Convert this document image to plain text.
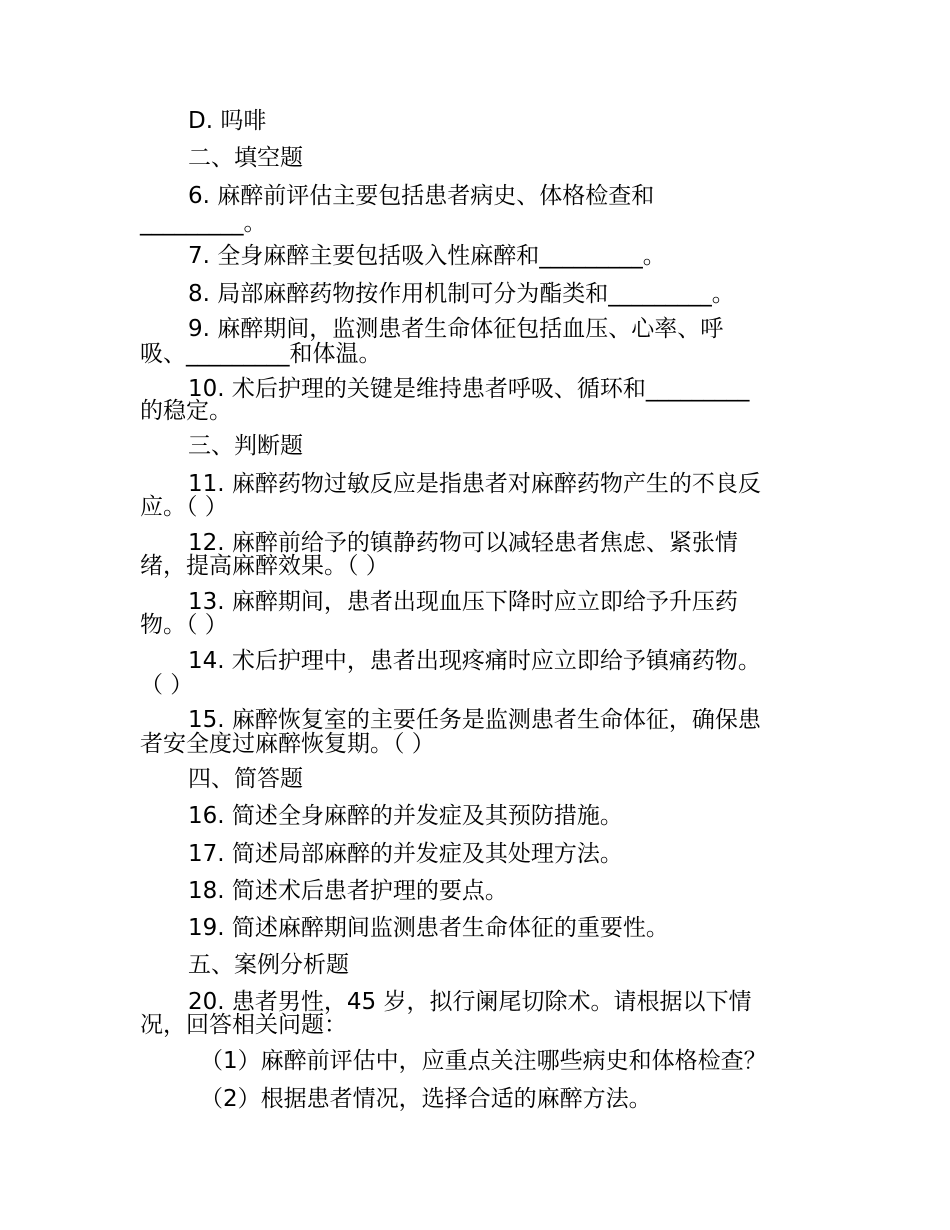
D. 吗啡

二、填空题

6. 麻醉前评估主要包括患者病史、体格检查和

_________。

7. 全身麻醉主要包括吸入性麻醉和_________。

8. 局部麻醉药物按作用机制可分为酯类和_________。

9. 麻醉期间，监测患者生命体征包括血压、心率、呼

吸、_________和体温。

10. 术后护理的关键是维持患者呼吸、循环和_________

的稳定。

三、判断题

11. 麻醉药物过敏反应是指患者对麻醉药物产生的不良反

应。（ ）

12. 麻醉前给予的镇静药物可以减轻患者焦虑、紧张情

绪，提高麻醉效果。（ ）

13. 麻醉期间，患者出现血压下降时应立即给予升压药

物。（ ）

14. 术后护理中，患者出现疼痛时应立即给予镇痛药物。

（ ）

15. 麻醉恢复室的主要任务是监测患者生命体征，确保患

者安全度过麻醉恢复期。（ ）

四、简答题

16. 简述全身麻醉的并发症及其预防措施。

17. 简述局部麻醉的并发症及其处理方法。

18. 简述术后患者护理的要点。

19. 简述麻醉期间监测患者生命体征的重要性。

五、案例分析题

20. 患者男性，45 岁，拟行阑尾切除术。请根据以下情

况，回答相关问题：

（1）麻醉前评估中，应重点关注哪些病史和体格检查？

（2）根据患者情况，选择合适的麻醉方法。
